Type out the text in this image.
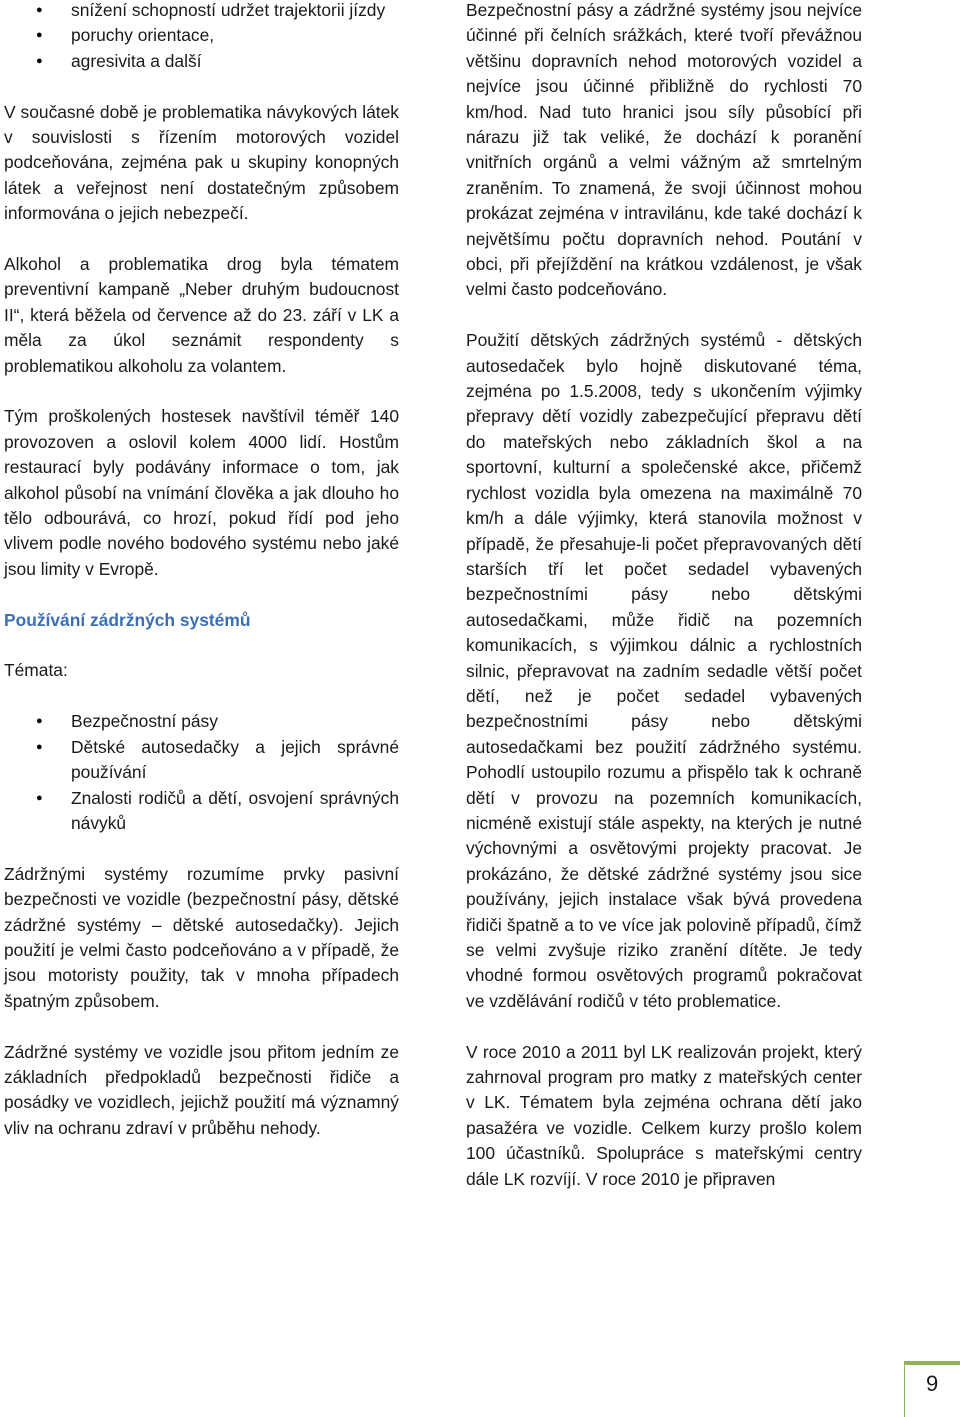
● snížení schopností udržet trajektorii jízdy
● poruchy orientace,
● agresivita a další

V současné době je problematika návykových látek v souvislosti s řízením motorových vozidel podceňována, zejména pak u skupiny konopných látek a veřejnost není dostatečným způsobem informována o jejich nebezpečí.

Alkohol a problematika drog byla tématem preventivní kampaně „Neber druhým budoucnost II“, která běžela od července až do 23. září v LK a měla za úkol seznámit respondenty s problematikou alkoholu za volantem.

Tým proškolených hostesek navštívil téměř 140 provozoven a oslovil kolem 4000 lidí. Hostům restaurací byly podávány informace o tom, jak alkohol působí na vnímání člověka a jak dlouho ho tělo odbourává, co hrozí, pokud řídí pod jeho vlivem podle nového bodového systému nebo jaké jsou limity v Evropě.

Používání zádržných systémů

Témata:

● Bezpečnostní pásy
● Dětské autosedačky a jejich správné používání
● Znalosti rodičů a dětí, osvojení správných návyků

Zádržnými systémy rozumíme prvky pasivní bezpečnosti ve vozidle (bezpečnostní pásy, dětské zádržné systémy – dětské autosedačky). Jejich použití je velmi často podceňováno a v případě, že jsou motoristy použity, tak v mnoha případech špatným způsobem.

Zádržné systémy ve vozidle jsou přitom jedním ze základních předpokladů bezpečnosti řidiče a posádky ve vozidlech, jejichž použití má významný vliv na ochranu zdraví v průběhu nehody.

Bezpečnostní pásy a zádržné systémy jsou nejvíce účinné při čelních srážkách, které tvoří převážnou většinu dopravních nehod motorových vozidel a nejvíce jsou účinné přibližně do rychlosti 70 km/hod. Nad tuto hranici jsou síly působící při nárazu již tak veliké, že dochází k poranění vnitřních orgánů a velmi vážným až smrtelným zraněním. To znamená, že svoji účinnost mohou prokázat zejména v intravilánu, kde také dochází k největšímu počtu dopravních nehod. Poutání v obci, při přejíždění na krátkou vzdálenost, je však velmi často podceňováno.

Použití dětských zádržných systémů - dětských autosedaček bylo hojně diskutované téma, zejména po 1.5.2008, tedy s ukončením výjimky přepravy dětí vozidly zabezpečující přepravu dětí do mateřských nebo základních škol a na sportovní, kulturní a společenské akce, přičemž rychlost vozidla byla omezena na maximálně 70 km/h a dále výjimky, která stanovila možnost v případě, že přesahuje-li počet přepravovaných dětí starších tří let počet sedadel vybavených bezpečnostními pásy nebo dětskými autosedačkami, může řidič na pozemních komunikacích, s výjimkou dálnic a rychlostních silnic, přepravovat na zadním sedadle větší počet dětí, než je počet sedadel vybavených bezpečnostními pásy nebo dětskými autosedačkami bez použití zádržného systému. Pohodlí ustoupilo rozumu a přispělo tak k ochraně dětí v provozu na pozemních komunikacích, nicméně existují stále aspekty, na kterých je nutné výchovnými a osvětovými projekty pracovat. Je prokázáno, že dětské zádržné systémy jsou sice používány, jejich instalace však bývá provedena řidiči špatně a to ve více jak polovině případů, čímž se velmi zvyšuje riziko zranění dítěte. Je tedy vhodné formou osvětových programů pokračovat ve vzdělávání rodičů v této problematice.

V roce 2010 a 2011 byl LK realizován projekt, který zahrnoval program pro matky z mateřských center v LK. Tématem byla zejména ochrana dětí jako pasažéra ve vozidle. Celkem kurzy prošlo kolem 100 účastníků. Spolupráce s mateřskými centry dále LK rozvíjí. V roce 2010 je připraven

9
